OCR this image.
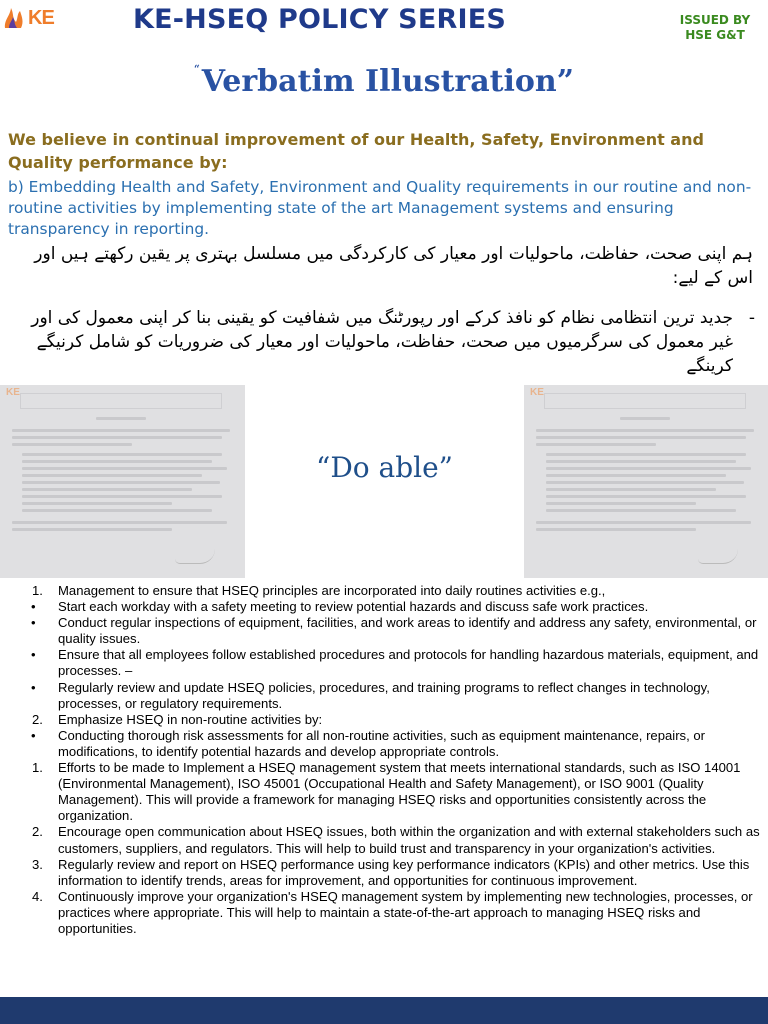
KE	KE-HSEQ POLICY SERIES	ISSUED BY
HSE G&T
“Verbatim Illustration”
We believe in continual improvement of our Health, Safety, Environment and Quality performance by:
b) Embedding Health and Safety, Environment and Quality requirements in our routine and non-routine activities by implementing state of the art Management systems and ensuring transparency in reporting.
ہم اپنی صحت، حفاظت، ماحولیات اور معیار کی کارکردگی میں مسلسل بہتری پر یقین رکھتے ہیں اور اس کے لیے:
-
جدید ترین انتظامی نظام کو نافذ کرکے اور رپورٹنگ میں شفافیت کو یقینی بنا کر اپنی معمول کی اور غیر معمول کی سرگرمیوں میں صحت، حفاظت، ماحولیات اور معیار کی ضروریات کو شامل کرنیگے کرینگے
KE
“Do able”
KE
1.	Management to ensure that HSEQ principles are incorporated into daily routines activities e.g.,
•	Start each workday with a safety meeting to review potential hazards and discuss safe work practices.
•	Conduct regular inspections of equipment, facilities, and work areas to identify and address any safety, environmental, or quality issues.
•	Ensure that all employees follow established procedures and protocols for handling hazardous materials, equipment, and processes. –
•	Regularly review and update HSEQ policies, procedures, and training programs to reflect changes in technology, processes, or regulatory requirements.
2.	Emphasize HSEQ in non-routine activities by:
•	Conducting thorough risk assessments for all non-routine activities, such as equipment maintenance, repairs, or modifications, to identify potential hazards and develop appropriate controls.
1.	Efforts to be made to Implement a HSEQ management system that meets international standards, such as ISO 14001 (Environmental Management), ISO 45001 (Occupational Health and Safety Management), or ISO 9001 (Quality Management). This will provide a framework for managing HSEQ risks and opportunities consistently across the organization.
2.	Encourage open communication about HSEQ issues, both within the organization and with external stakeholders such as customers, suppliers, and regulators. This will help to build trust and transparency in your organization's activities.
3.	Regularly review and report on HSEQ performance using key performance indicators (KPIs) and other metrics. Use this information to identify trends, areas for improvement, and opportunities for continuous improvement.
4.	Continuously improve your organization's HSEQ management system by implementing new technologies, processes, or practices where appropriate. This will help to maintain a state-of-the-art approach to managing HSEQ risks and opportunities.
